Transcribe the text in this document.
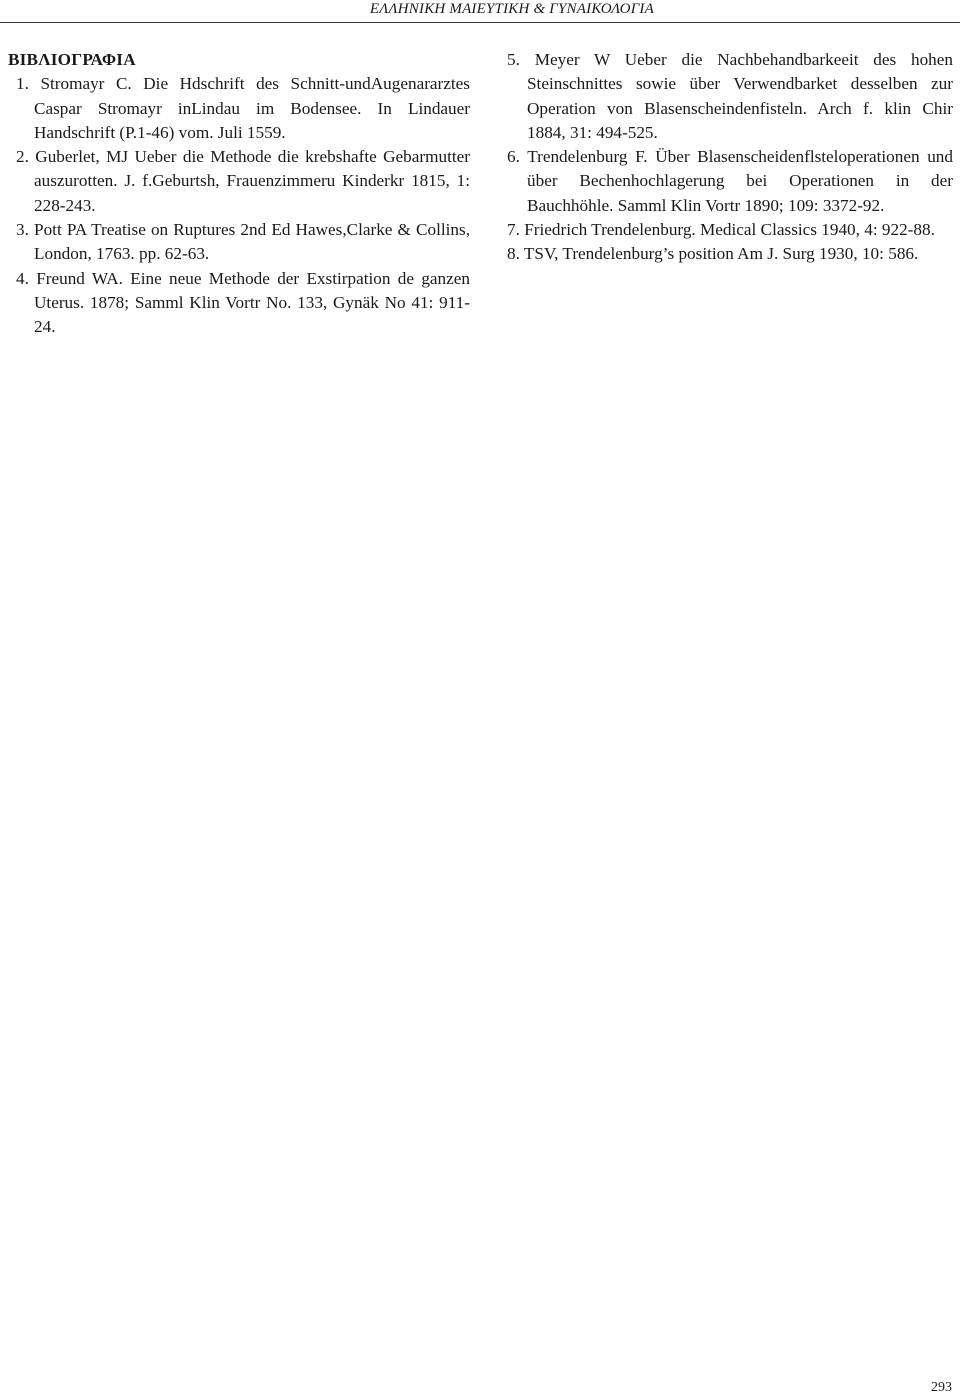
ΕΛΛΗΝΙΚΗ ΜΑΙΕΥΤΙΚΗ & ΓΥΝΑΙΚΟΛΟΓΙΑ

ΒΙΒΛΙΟΓΡΑΦΙΑ

1. Stromayr C. Die Hdschrift des Schnitt-undAugenararztes Caspar Stromayr inLindau im Bodensee. In Lindauer Handschrift (P.1-46) vom. Juli 1559.
2. Guberlet, MJ Ueber die Methode die krebshafte Gebarmutter auszurotten. J. f.Geburtsh, Frauenzimmeru Kinderkr 1815, 1: 228-243.
3. Pott PA Treatise on Ruptures 2nd Ed Hawes,Clarke & Collins, London, 1763. pp. 62-63.
4. Freund WA. Eine neue Methode der Exstirpation de ganzen Uterus. 1878; Samml Klin Vortr No. 133, Gynäk No 41: 911-24.
5. Meyer W Ueber die Nachbehandbarkeeit des hohen Steinschnittes sowie über Verwendbarket desselben zur Operation von Blasenscheindenfisteln. Arch f. klin Chir 1884, 31: 494-525.
6. Trendelenburg F. Über Blasenscheidenflsteloperationen und über Bechenhochlagerung bei Operationen in der Bauchhöhle. Samml Klin Vortr 1890; 109: 3372-92.
7. Friedrich Trendelenburg. Medical Classics 1940, 4: 922-88.
8. TSV, Trendelenburg’s position Am J. Surg 1930, 10: 586.
293
